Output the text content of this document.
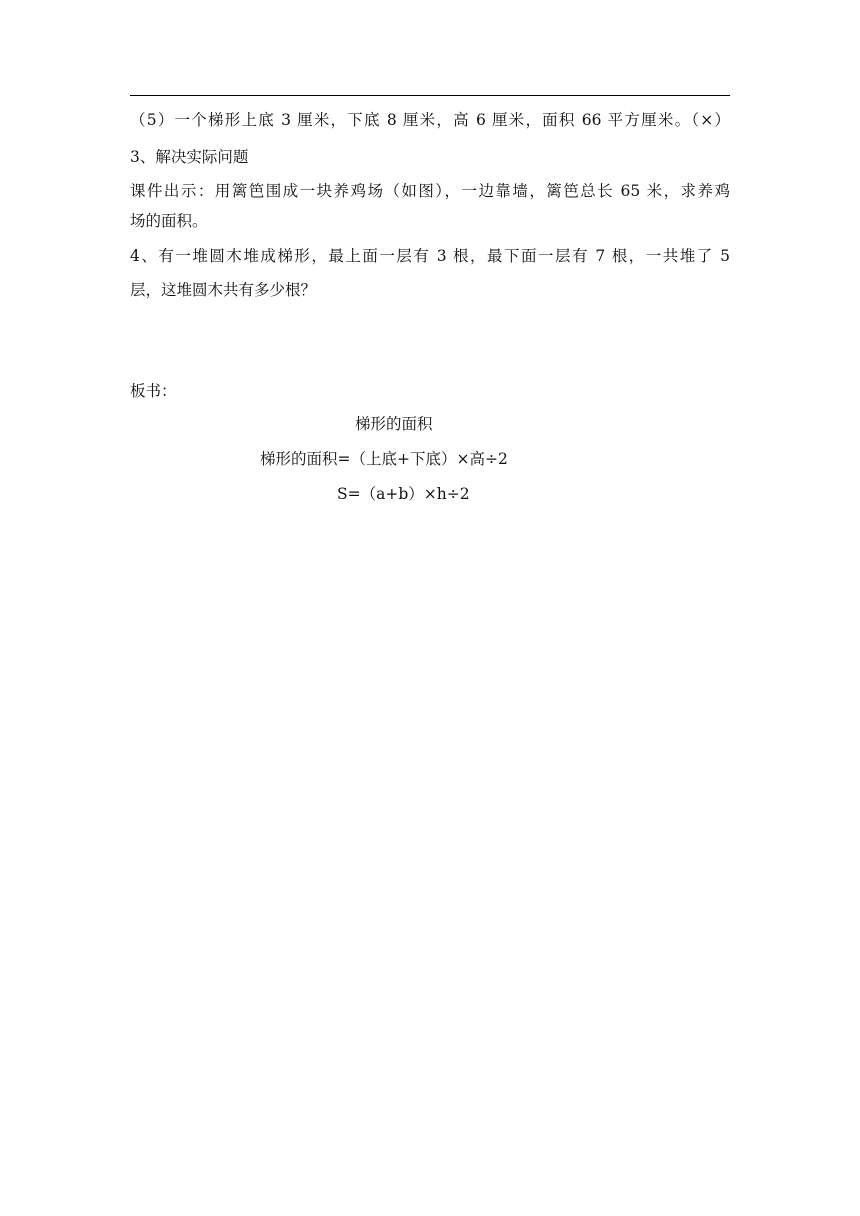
（5）一个梯形上底 3 厘米，下底 8 厘米，高 6 厘米，面积 66 平方厘米。（×）
3、解决实际问题
课件出示：用篱笆围成一块养鸡场（如图），一边靠墙，篱笆总长 65 米，求养鸡
场的面积。
4、有一堆圆木堆成梯形，最上面一层有 3 根，最下面一层有 7 根，一共堆了 5
层，这堆圆木共有多少根？
板书：
梯形的面积
梯形的面积=（上底+下底）×高÷2
S=（a+b）×h÷2
